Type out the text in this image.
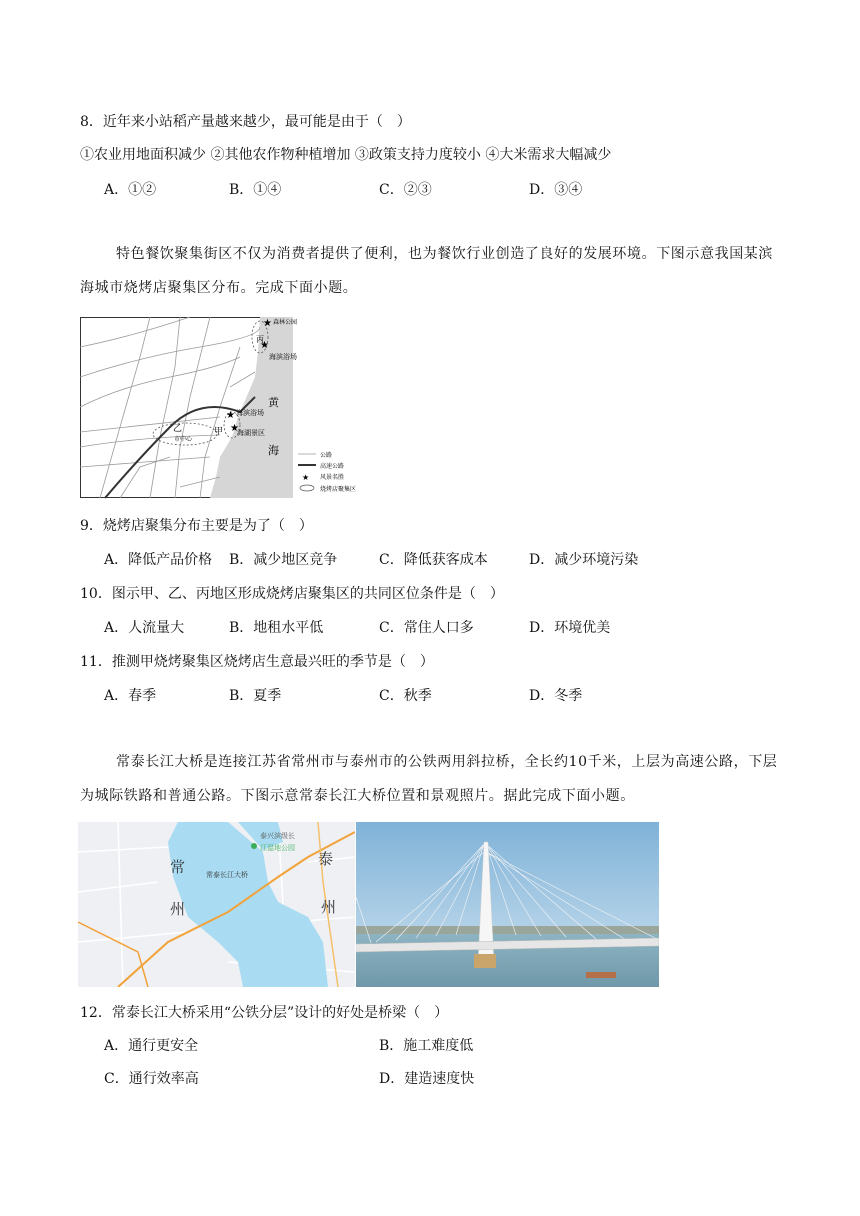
8．近年来小站稻产量越来越少，最可能是由于（　）
①农业用地面积减少 ②其他农作物种植增加 ③政策支持力度较小 ④大米需求大幅减少
A．①②	B．①④	C．②③	D．③④
特色餐饮聚集街区不仅为消费者提供了便利，也为餐饮行业创造了良好的发展环境。下图示意我国某滨海城市烧烤店聚集区分布。完成下面小题。
★
★
★
★
森林公园
丙
海滨浴场
黄
海
乙
市中心
甲
海滨浴场
海湖景区
公路
高速公路
★ 风景名胜
烧烤店聚集区
9．烧烤店聚集分布主要是为了（　）
A．降低产品价格 B．减少地区竞争	C．降低获客成本	D．减少环境污染
10．图示甲、乙、丙地区形成烧烤店聚集区的共同区位条件是（　）
A．人流量大	B．地租水平低	C．常住人口多	D．环境优美
11．推测甲烧烤聚集区烧烤店生意最兴旺的季节是（　）
A．春季	B．夏季	C．秋季	D．冬季
常泰长江大桥是连接江苏省常州市与泰州市的公铁两用斜拉桥，全长约10千米，上层为高速公路，下层为城际铁路和普通公路。下图示意常泰长江大桥位置和景观照片。据此完成下面小题。
常
州
泰
州
常泰长江大桥
泰兴滨级长
江湿地公园
12．常泰长江大桥采用“公铁分层”设计的好处是桥梁（　）
A．通行更安全	B．施工难度低
C．通行效率高	D．建造速度快
